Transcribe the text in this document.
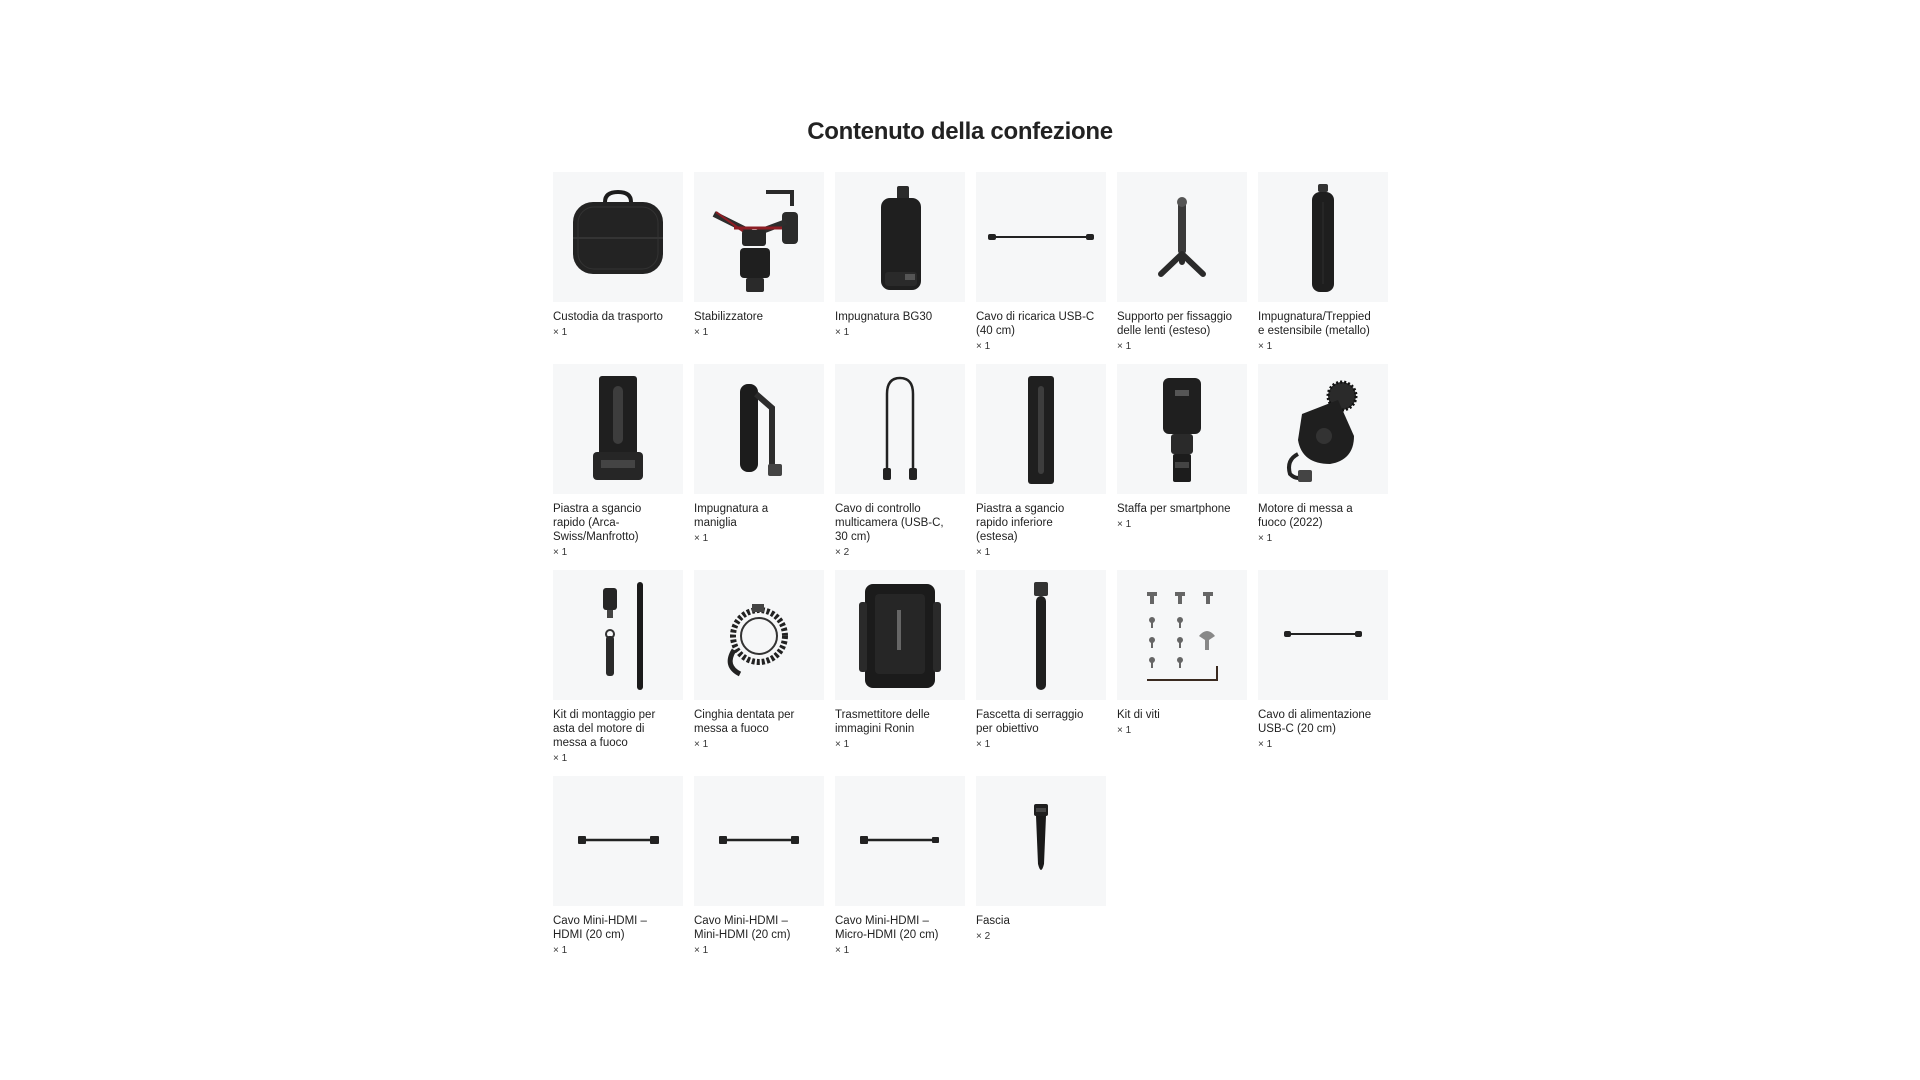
Contenuto della confezione
Custodia da trasporto
× 1
Stabilizzatore
× 1
Impugnatura BG30
× 1
Cavo di ricarica USB-C
(40 cm)
× 1
Supporto per fissaggio
delle lenti (esteso)
× 1
Impugnatura/Treppied
e estensibile (metallo)
× 1
Piastra a sgancio
rapido (Arca-
Swiss/Manfrotto)
× 1
Impugnatura a
maniglia
× 1
Cavo di controllo
multicamera (USB-C,
30 cm)
× 2
Piastra a sgancio
rapido inferiore
(estesa)
× 1
Staffa per smartphone
× 1
Motore di messa a
fuoco (2022)
× 1
Kit di montaggio per
asta del motore di
messa a fuoco
× 1
Cinghia dentata per
messa a fuoco
× 1
Trasmettitore delle
immagini Ronin
× 1
Fascetta di serraggio
per obiettivo
× 1
Kit di viti
× 1
Cavo di alimentazione
USB-C (20 cm)
× 1
Cavo Mini-HDMI –
HDMI (20 cm)
× 1
Cavo Mini-HDMI –
Mini-HDMI (20 cm)
× 1
Cavo Mini-HDMI –
Micro-HDMI (20 cm)
× 1
Fascia
× 2
